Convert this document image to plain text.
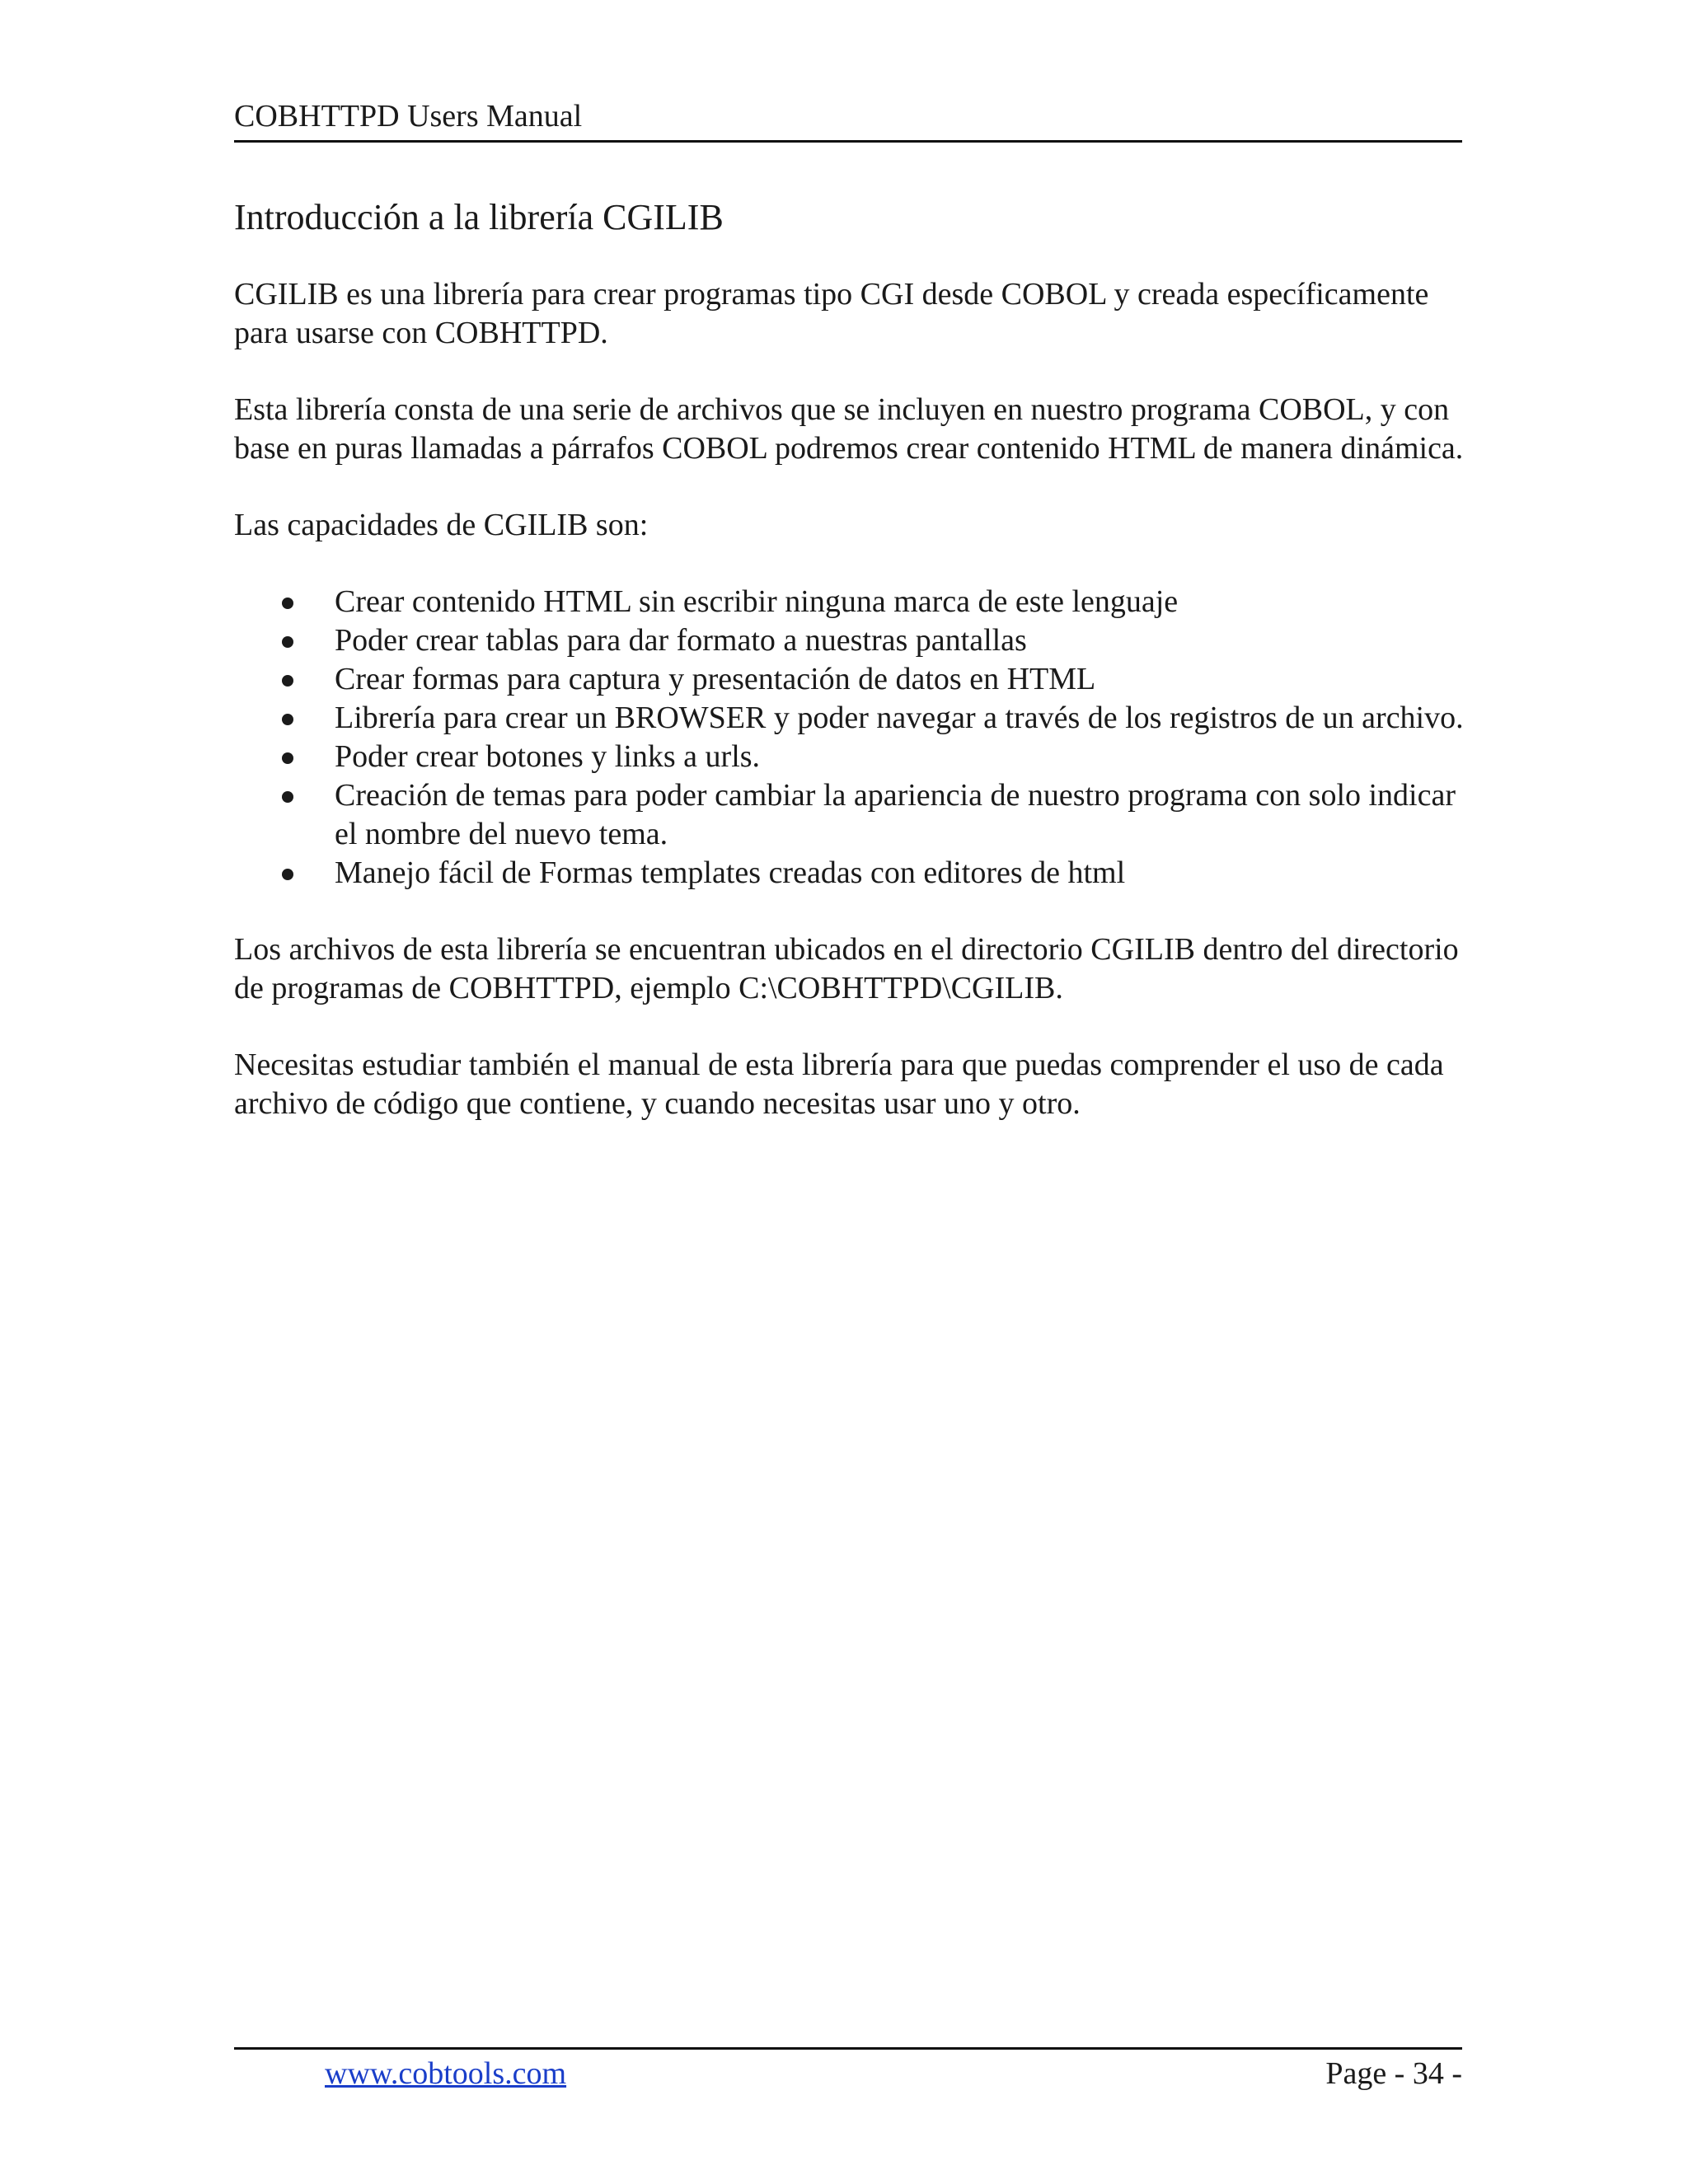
COBHTTPD Users Manual
Introducción a la librería CGILIB

CGILIB es una librería para crear programas tipo CGI desde COBOL y creada específicamente para usarse con COBHTTPD.

Esta librería consta de una serie de archivos que se incluyen en nuestro programa COBOL, y con base en puras llamadas a párrafos COBOL podremos crear contenido HTML de manera dinámica.

Las capacidades de CGILIB son:

Crear contenido HTML sin escribir ninguna marca de este lenguaje
Poder crear tablas para dar formato a nuestras pantallas
Crear formas para captura y presentación de datos en HTML
Librería para crear un BROWSER y poder navegar a través de los registros de un archivo.
Poder crear botones y links a urls.
Creación de temas para poder cambiar la apariencia de nuestro programa con solo indicar el nombre del nuevo tema.
Manejo fácil de Formas templates creadas con editores de html

Los archivos de esta librería se encuentran ubicados en el directorio CGILIB dentro del directorio de programas de COBHTTPD, ejemplo C:\COBHTTPD\CGILIB.

Necesitas estudiar también el manual de esta librería para que puedas comprender el uso de cada archivo de código que contiene, y cuando necesitas usar uno y otro.

www.cobtools.com	Page - 34 -
